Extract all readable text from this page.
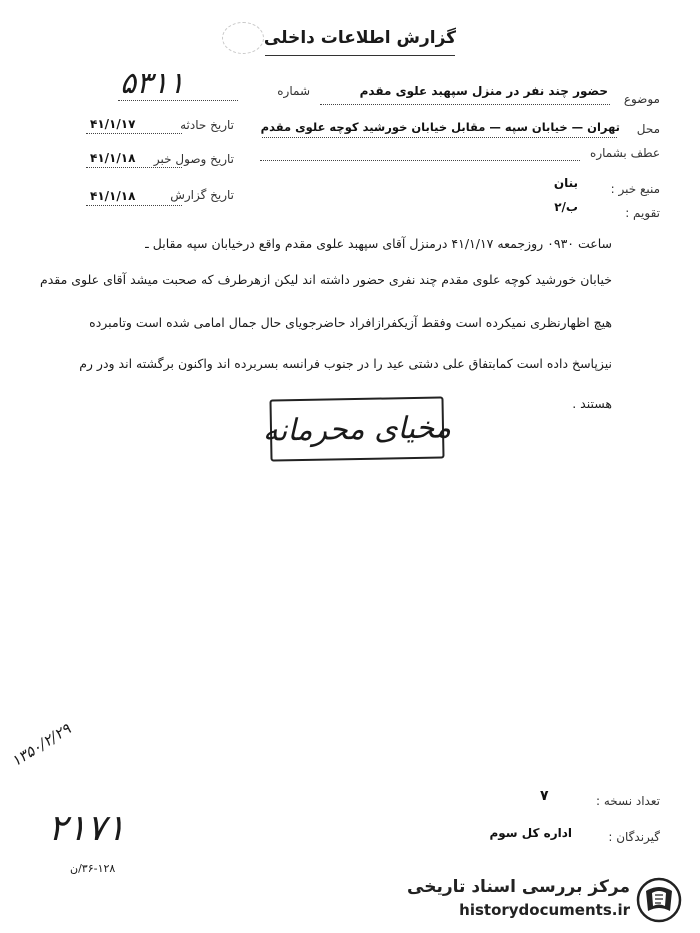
گزارش اطلاعات داخلی
شماره
۵۳۱۱	موضوع
حضور چند نفر در منزل سپهبد علوی مقدم
محل
تهران — خیابان سپه — مقابل خیابان خورشید کوچه علوی مقدم
تاریخ حادثه
۴۱/۱/۱۷
عطف بشماره
تاریخ وصول خبر
۴۱/۱/۱۸
منبع خبر :
بنان
تاریخ گزارش
۴۱/۱/۱۸
تقویم :
ب/۲
ساعت ۰۹۳۰ روزجمعه ۴۱/۱/۱۷ درمنزل آقای سپهبد علوی مقدم واقع درخیابان سپه مقابل ـ
خیابان خورشید کوچه علوی مقدم چند نفری حضور داشته اند لیکن ازهرطرف که صحبت میشد آقای علوی مقدم
هیچ اظهارنظری نمیکرده است وفقط آزیکفرازافراد حاضرجویای حال جمال امامی شده است وتامبرده
نیزپاسخ داده است کمابتفاق علی دشتی عید را در جنوب فرانسه بسربرده اند واکنون برگشته اند ودر رم
هستند .
مخیای محرمانه
۱۳۵۰/۲/۲۹
۲۱۷۱
۳۶-۱۲۸/ن
تعداد نسخه :
۷
گیرندگان :
اداره کل سوم
مرکز بررسی اسناد تاریخی
historydocuments.ir
